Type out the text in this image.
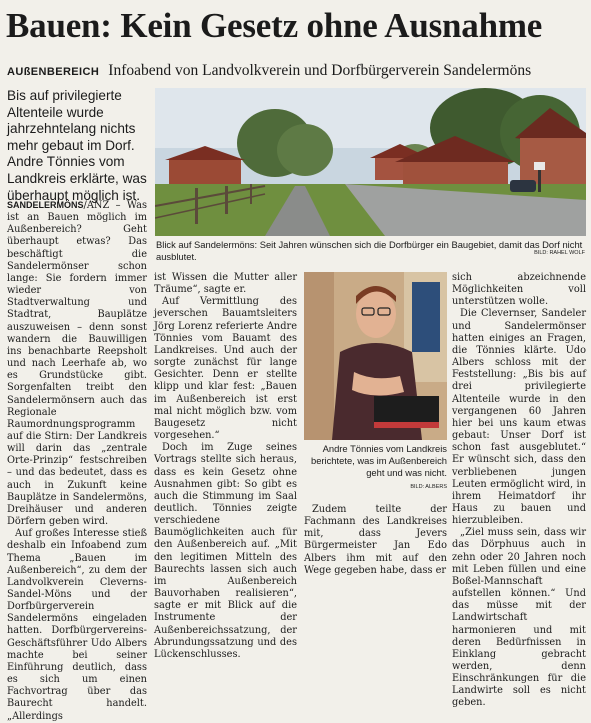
Bauen: Kein Gesetz ohne Ausnahme
AUßENBEREICH Infoabend von Landvolkverein und Dorfbürgerverein Sandelermöns
Bis auf privilegierte Altenteile wurde jahrzehntelang nichts mehr gebaut im Dorf. Andre Tönnies vom Landkreis erklärte, was überhaupt möglich ist.
Blick auf Sandelermöns: Seit Jahren wünschen sich die Dorfbürger ein Baugebiet, damit das Dorf nicht ausblutet.	BILD: RAHEL WOLF

SANDELERMÖNS/ANZ – Was ist an Bauen möglich im Außenbereich? Geht überhaupt etwas? Das beschäftigt die Sandelermönser schon lange: Sie fordern immer wieder von Stadtverwaltung und Stadtrat, Bauplätze auszuweisen – denn sonst wandern die Bauwilligen ins benachbarte Reepsholt und nach Leerhafe ab, wo es Grundstücke gibt. Sorgenfalten treibt den Sandelermönsern auch das Regionale Raumordnungsprogramm auf die Stirn: Der Landkreis will darin das „zentrale Orte-Prinzip“ festschreiben – und das bedeutet, dass es auch in Zukunft keine Bauplätze in Sandelermöns, Dreihäuser und anderen Dörfern geben wird.

Auf großes Interesse stieß deshalb ein Infoabend zum Thema „Bauen im Außenbereich“, zu dem der Landvolkverein Cleverns-Sandel-Möns und der Dorfbürgerverein Sandelermöns eingeladen hatten. Dorfbürgervereins-Geschäftsführer Udo Albers machte bei seiner Einführung deutlich, dass es sich um einen Fachvortrag über das Baurecht handelt. „Allerdings

ist Wissen die Mutter aller Träume“, sagte er.

Auf Vermittlung des jeverschen Bauamtsleiters Jörg Lorenz referierte Andre Tönnies vom Bauamt des Landkreises. Und auch der sorgte zunächst für lange Gesichter. Denn er stellte klipp und klar fest: „Bauen im Außenbereich ist erst mal nicht möglich bzw. vom Baugesetz nicht vorgesehen.“

Doch im Zuge seines Vortrags stellte sich heraus, dass es kein Gesetz ohne Ausnahmen gibt: So gibt es auch die Stimmung im Saal deutlich. Tönnies zeigte verschiedene Baumöglichkeiten auch für den Außenbereich auf. „Mit den legitimen Mitteln des Baurechts lassen sich auch im Außenbereich Bauvorhaben realisieren“, sagte er mit Blick auf die Instrumente der Außenbereichssatzung, der Abrundungssatzung und des Lückenschlusses.

Andre Tönnies vom Landkreis berichtete, was im Außenbereich geht und was nicht.
BILD: ALBERS

Zudem teilte der Fachmann des Landkreises mit, dass Jevers Bürgermeister Jan Edo Albers ihm mit auf den Wege gegeben habe, dass er

sich abzeichnende Möglichkeiten voll unterstützen wolle.

Die Clevernser, Sandeler und Sandelermönser hatten einiges an Fragen, die Tönnies klärte. Udo Albers schloss mit der Feststellung: „Bis bis auf drei privilegierte Altenteile wurde in den vergangenen 60 Jahren hier bei uns kaum etwas gebaut: Unser Dorf ist schon fast ausgeblutet.“ Er wünscht sich, dass den verbliebenen jungen Leuten ermöglicht wird, in ihrem Heimatdorf ihr Haus zu bauen und hierzubleiben.

„Ziel muss sein, dass wir das Dörphuus auch in zehn oder 20 Jahren noch mit Leben füllen und eine Boßel-Mannschaft aufstellen können.“ Und das müsse mit der Landwirtschaft harmonieren und mit deren Bedürfnissen in Einklang gebracht werden, denn Einschränkungen für die Landwirte soll es nicht geben.
